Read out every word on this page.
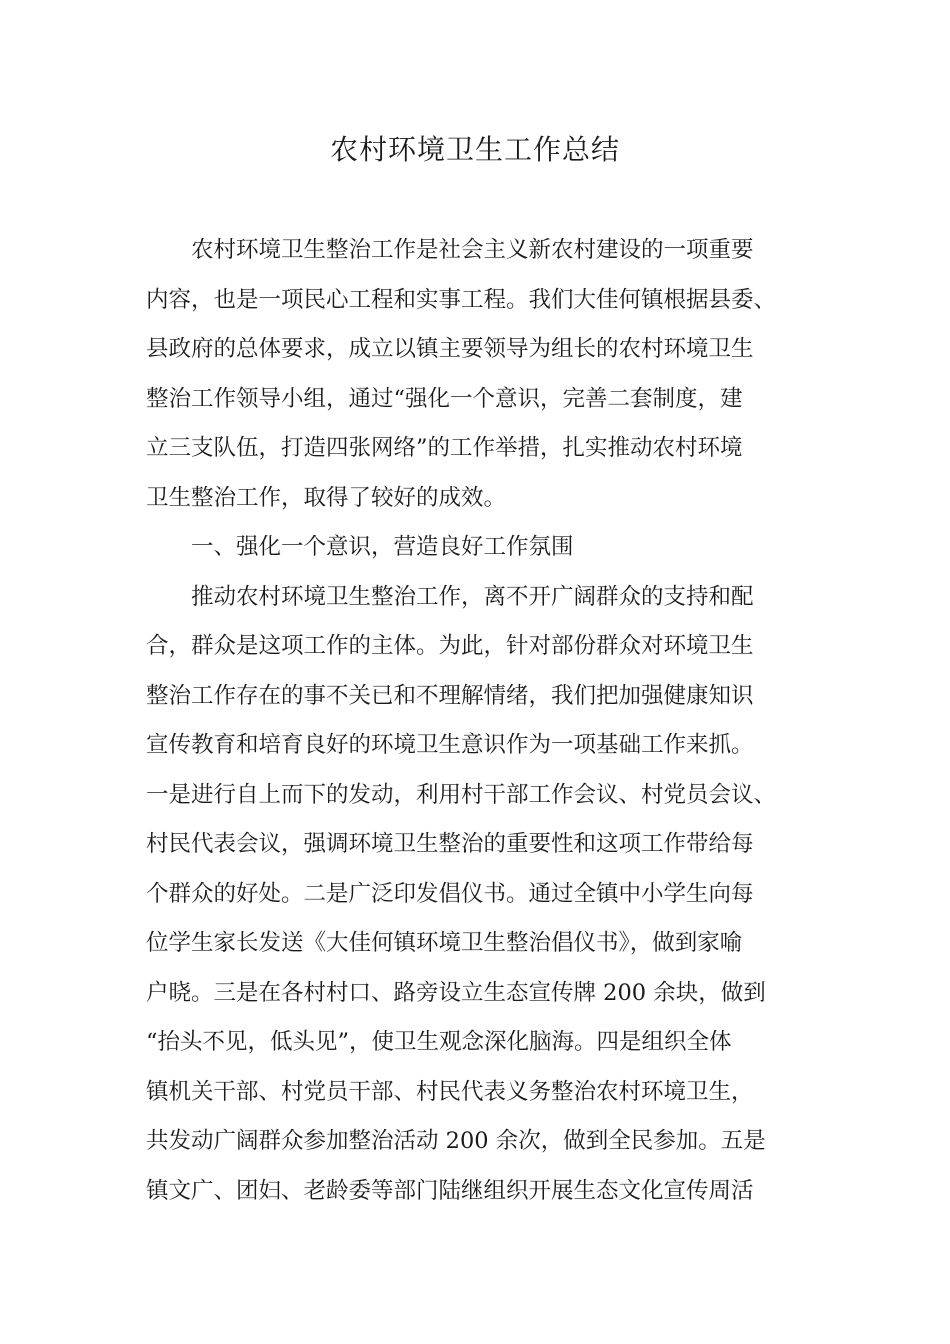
农村环境卫生工作总结
农村环境卫生整治工作是社会主义新农村建设的一项重要
内容，也是一项民心工程和实事工程。我们大佳何镇根据县委、
县政府的总体要求，成立以镇主要领导为组长的农村环境卫生
整治工作领导小组，通过“强化一个意识，完善二套制度，建
立三支队伍，打造四张网络”的工作举措，扎实推动农村环境
卫生整治工作，取得了较好的成效。
一、强化一个意识，营造良好工作氛围
推动农村环境卫生整治工作，离不开广阔群众的支持和配
合，群众是这项工作的主体。为此，针对部份群众对环境卫生
整治工作存在的事不关已和不理解情绪，我们把加强健康知识
宣传教育和培育良好的环境卫生意识作为一项基础工作来抓。
一是进行自上而下的发动，利用村干部工作会议、村党员会议、
村民代表会议，强调环境卫生整治的重要性和这项工作带给每
个群众的好处。二是广泛印发倡仪书。通过全镇中小学生向每
位学生家长发送《大佳何镇环境卫生整治倡仪书》，做到家喻
户晓。三是在各村村口、路旁设立生态宣传牌 200 余块，做到
“抬头不见，低头见”，使卫生观念深化脑海。四是组织全体
镇机关干部、村党员干部、村民代表义务整治农村环境卫生，
共发动广阔群众参加整治活动 200 余次，做到全民参加。五是
镇文广、团妇、老龄委等部门陆继组织开展生态文化宣传周活
